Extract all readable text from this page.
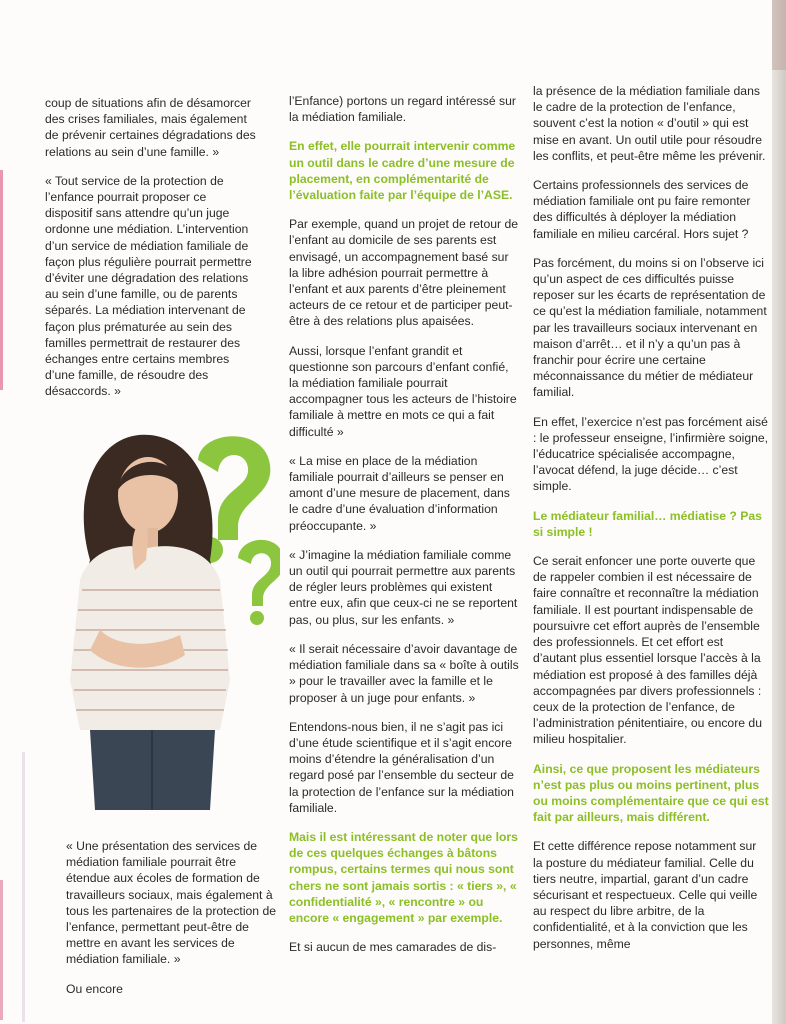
coup de situations afin de désamorcer des crises familiales, mais également de prévenir certaines dégradations des relations au sein d’une famille. »

« Tout service de la protection de l’enfance pourrait proposer ce dispositif sans attendre qu’un juge ordonne une médiation. L’intervention d’un service de médiation familiale de façon plus régulière pourrait permettre d’éviter une dégradation des relations au sein d’une famille, ou de parents séparés. La médiation intervenant de façon plus prématurée au sein des familles permettrait de restaurer des échanges entre certains membres d’une famille, de résoudre des désaccords. »

« Une présentation des services de médiation familiale pourrait être étendue aux écoles de formation de travailleurs sociaux, mais également à tous les partenaires de la protection de l’enfance, permettant peut-être de mettre en avant les services de médiation familiale. »

Ou encore

l’Enfance) portons un regard intéressé sur la médiation familiale.

En effet, elle pourrait intervenir comme un outil dans le cadre d’une mesure de placement, en complémentarité de l’évaluation faite par l’équipe de l’ASE.

Par exemple, quand un projet de retour de l’enfant au domicile de ses parents est envisagé, un accompagnement basé sur la libre adhésion pourrait permettre à l’enfant et aux parents d’être pleinement acteurs de ce retour et de participer peut-être à des relations plus apaisées.

Aussi, lorsque l’enfant grandit et questionne son parcours d’enfant confié, la médiation familiale pourrait accompagner tous les acteurs de l’histoire familiale à mettre en mots ce qui a fait difficulté »

« La mise en place de la médiation familiale pourrait d’ailleurs se penser en amont d’une mesure de placement, dans le cadre d’une évaluation d’information préoccupante. »

« J’imagine la médiation familiale comme un outil qui pourrait permettre aux parents de régler leurs problèmes qui existent entre eux, afin que ceux-ci ne se reportent pas, ou plus, sur les enfants. »

« Il serait nécessaire d’avoir davantage de médiation familiale dans sa « boîte à outils » pour le travailler avec la famille et le proposer à un juge pour enfants. »

Entendons-nous bien, il ne s’agit pas ici d’une étude scientifique et il s’agit encore moins d’étendre la généralisation d’un regard posé par l’ensemble du secteur de la protection de l’enfance sur la médiation familiale.

Mais il est intéressant de noter que lors de ces quelques échanges à bâtons rompus, certains termes qui nous sont chers ne sont jamais sortis : « tiers », « confidentialité », « rencontre » ou encore « engagement » par exemple.

Et si aucun de mes camarades de dis-

la présence de la médiation familiale dans le cadre de la protection de l’enfance, souvent c’est la notion « d’outil » qui est mise en avant. Un outil utile pour résoudre les conflits, et peut-être même les prévenir.

Certains professionnels des services de médiation familiale ont pu faire remonter des difficultés à déployer la médiation familiale en milieu carcéral. Hors sujet ?

Pas forcément, du moins si on l’observe ici qu’un aspect de ces difficultés puisse reposer sur les écarts de représentation de ce qu’est la médiation familiale, notamment par les travailleurs sociaux intervenant en maison d’arrêt… et il n’y a qu’un pas à franchir pour écrire une certaine méconnaissance du métier de médiateur familial.

En effet, l’exercice n’est pas forcément aisé : le professeur enseigne, l’infirmière soigne, l’éducatrice spécialisée accompagne, l’avocat défend, la juge décide… c’est simple.

Le médiateur familial… médiatise ? Pas si simple !

Ce serait enfoncer une porte ouverte que de rappeler combien il est nécessaire de faire connaître et reconnaître la médiation familiale. Il est pourtant indispensable de poursuivre cet effort auprès de l’ensemble des professionnels. Et cet effort est d’autant plus essentiel lorsque l’accès à la médiation est proposé à des familles déjà accompagnées par divers professionnels : ceux de la protection de l’enfance, de l’administration pénitentiaire, ou encore du milieu hospitalier.

Ainsi, ce que proposent les médiateurs n’est pas plus ou moins pertinent, plus ou moins complémentaire que ce qui est fait par ailleurs, mais différent.

Et cette différence repose notamment sur la posture du médiateur familial. Celle du tiers neutre, impartial, garant d’un cadre sécurisant et respectueux. Celle qui veille au respect du libre arbitre, de la confidentialité, et à la conviction que les personnes, même
